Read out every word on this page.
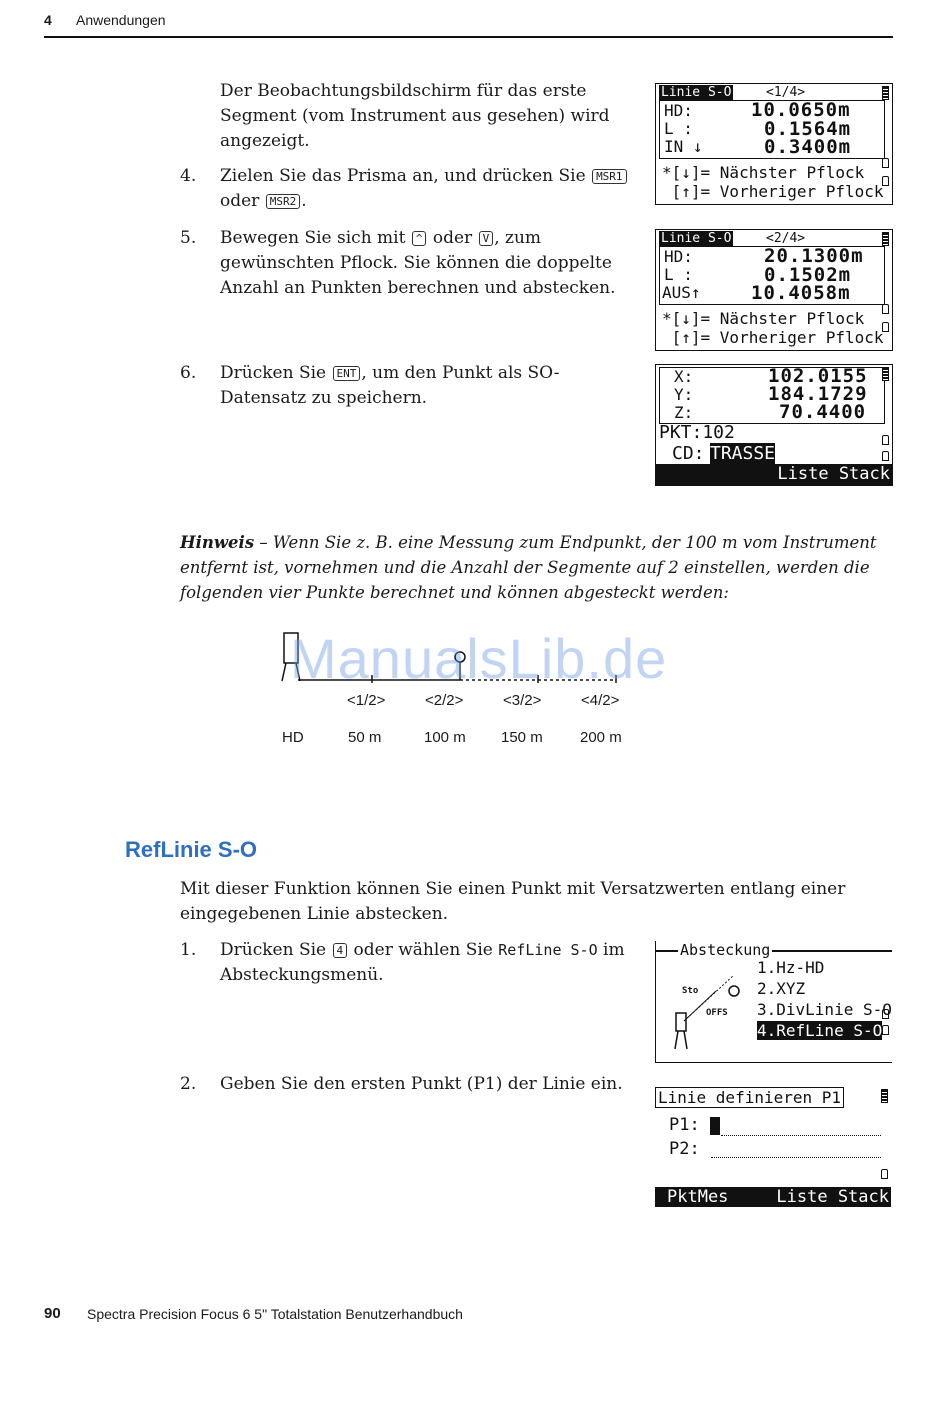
4 Anwendungen
Der Beobachtungsbildschirm für das erste Segment (vom Instrument aus gesehen) wird angezeigt.
4. Zielen Sie das Prisma an, und drücken Sie MSR1
oder MSR2 .
5. Bewegen Sie sich mit ^ oder V , zum gewünschten Pflock. Sie können die doppelte Anzahl an Punkten berechnen und abstecken.
6. Drücken Sie ENT , um den Punkt als SO-Datensatz zu speichern.
Linie S-O	<1/4>
HD:	10.0650m
L :	0.1564m
IN ↓	0.3400m
*[↓]= Nächster Pflock
[↑]= Vorheriger Pflock
Linie S-O	<2/4>
HD:	20.1300m
L :	0.1502m
AUS↑	10.4058m
*[↓]= Nächster Pflock
[↑]= Vorheriger Pflock
X:	102.0155
Y:	184.1729
Z:	70.4400
PKT:102
CD: TRASSE
Liste Stack
Hinweis – Wenn Sie z. B. eine Messung zum Endpunkt, der 100 m vom Instrument entfernt ist, vornehmen und die Anzahl der Segmente auf 2 einstellen, werden die folgenden vier Punkte berechnet und können abgesteckt werden:
ManualsLib.de
<1/2>	<2/2>	<3/2>	<4/2>
HD	50 m	100 m 150 m 200 m
RefLinie S-O
Mit dieser Funktion können Sie einen Punkt mit Versatzwerten entlang einer eingegebenen Linie abstecken.
1. Drücken Sie 4 oder wählen Sie RefLine S-O im Absteckungsmenü.
2. Geben Sie den ersten Punkt (P1) der Linie ein.
Absteckung
Sto
OFFS
1.Hz-HD
2.XYZ
3.DivLinie S-O
4.RefLine S-O
Linie definieren P1
P1:
P2:
PktMes	Liste Stack
90 Spectra Precision Focus 6 5" Totalstation Benutzerhandbuch
